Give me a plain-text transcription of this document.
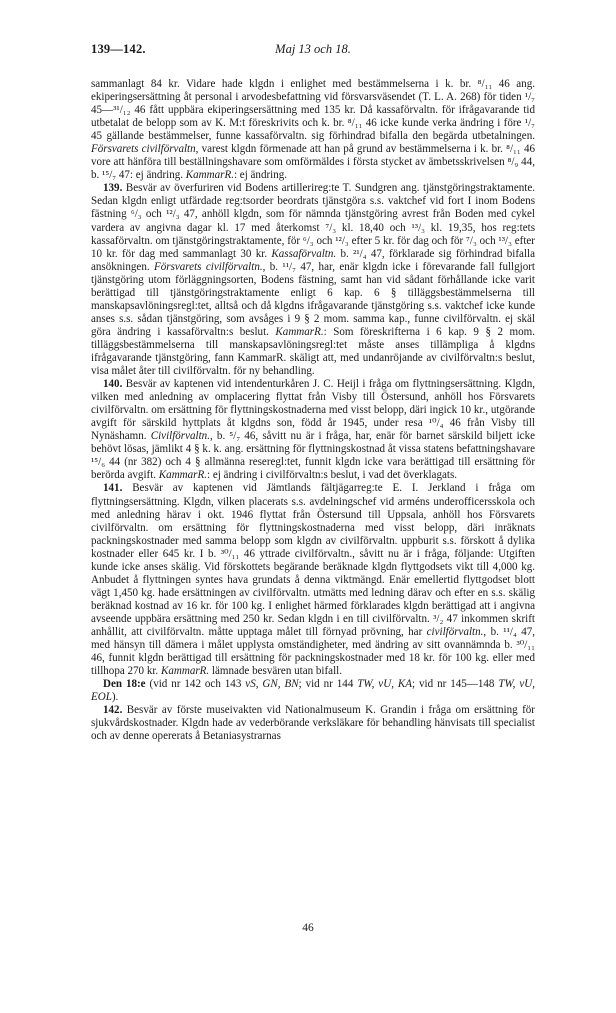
139—142.	Maj 13 och 18.

sammanlagt 84 kr. Vidare hade klgdn i enlighet med bestämmelserna i k. br. ⁸/₁₁ 46 ang. ekiperingsersättning åt personal i arvodesbefattning vid försvarsväsendet (T. L. A. 268) för tiden ¹/₇ 45—³¹/₁₂ 46 fått uppbära ekiperingsersättning med 135 kr. Då kassaförvaltn. för ifrågavarande tid utbetalat de belopp som av K. M:t föreskrivits och k. br. ⁸/₁₁ 46 icke kunde verka ändring i före ¹/₇ 45 gällande bestämmelser, funne kassaförvaltn. sig förhindrad bifalla den begärda utbetalningen. Försvarets civilförvaltn, varest klgdn förmenade att han på grund av bestämmelserna i k. br. ⁸/₁₁ 46 vore att hänföra till beställningshavare som omförmäldes i första stycket av ämbetsskrivelsen ⁸/₉ 44, b. ¹⁵/₇ 47: ej ändring. KammarR.: ej ändring.

139. Besvär av överfuriren vid Bodens artillerireg:te T. Sundgren ang. tjänstgöringstraktamente. Sedan klgdn enligt utfärdade reg:tsorder beordrats tjänstgöra s.s. vaktchef vid fort I inom Bodens fästning ⁶/₃ och ¹²/₃ 47, anhöll klgdn, som för nämnda tjänstgöring avrest från Boden med cykel vardera av angivna dagar kl. 17 med återkomst ⁷/₃ kl. 18,40 och ¹³/₃ kl. 19,35, hos reg:tets kassaförvaltn. om tjänstgöringstraktamente, för ⁶/₃ och ¹²/₃ efter 5 kr. för dag och för ⁷/₃ och ¹³/₃ efter 10 kr. för dag med sammanlagt 30 kr. Kassaförvaltn. b. ²¹/₄ 47, förklarade sig förhindrad bifalla ansökningen. Försvarets civilförvaltn., b. ¹¹/₇ 47, har, enär klgdn icke i förevarande fall fullgjort tjänstgöring utom förläggningsorten, Bodens fästning, samt han vid sådant förhållande icke varit berättigad till tjänstgöringstraktamente enligt 6 kap. 6 § tilläggsbestämmelserna till manskapsavlöningsregl:tet, alltså och då klgdns ifrågavarande tjänstgöring s.s. vaktchef icke kunde anses s.s. sådan tjänstgöring, som avsåges i 9 § 2 mom. samma kap., funne civilförvaltn. ej skäl göra ändring i kassaförvaltn:s beslut. KammarR.: Som föreskrifterna i 6 kap. 9 § 2 mom. tilläggsbestämmelserna till manskapsavlöningsregl:tet måste anses tillämpliga å klgdns ifrågavarande tjänstgöring, fann KammarR. skäligt att, med undanröjande av civilförvaltn:s beslut, visa målet åter till civilförvaltn. för ny behandling.

140. Besvär av kaptenen vid intendenturkåren J. C. Heijl i fråga om flyttningsersättning. Klgdn, vilken med anledning av omplacering flyttat från Visby till Östersund, anhöll hos Försvarets civilförvaltn. om ersättning för flyttningskostnaderna med visst belopp, däri ingick 10 kr., utgörande avgift för särskild hyttplats åt klgdns son, född år 1945, under resa ¹⁰/₄ 46 från Visby till Nynäshamn. Civilförvaltn., b. ⁵/₇ 46, såvitt nu är i fråga, har, enär för barnet särskild biljett icke behövt lösas, jämlikt 4 § k. k. ang. ersättning för flyttningskostnad åt vissa statens befattningshavare ¹⁵/₆ 44 (nr 382) och 4 § allmänna reseregl:tet, funnit klgdn icke vara berättigad till ersättning för berörda avgift. KammarR.: ej ändring i civilförvaltn:s beslut, i vad det överklagats.

141. Besvär av kaptenen vid Jämtlands fältjägarreg:te E. I. Jerkland i fråga om flyttningsersättning. Klgdn, vilken placerats s.s. avdelningschef vid arméns underofficersskola och med anledning härav i okt. 1946 flyttat från Östersund till Uppsala, anhöll hos Försvarets civilförvaltn. om ersättning för flyttningskostnaderna med visst belopp, däri inräknats packningskostnader med samma belopp som klgdn av civilförvaltn. uppburit s.s. förskott å dylika kostnader eller 645 kr. I b. ³⁰/₁₁ 46 yttrade civilförvaltn., såvitt nu är i fråga, följande: Utgiften kunde icke anses skälig. Vid förskottets begärande beräknade klgdn flyttgodsets vikt till 4,000 kg. Anbudet å flyttningen syntes hava grundats å denna viktmängd. Enär emellertid flyttgodset blott vägt 1,450 kg. hade ersättningen av civilförvaltn. utmätts med ledning därav och efter en s.s. skälig beräknad kostnad av 16 kr. för 100 kg. I enlighet härmed förklarades klgdn berättigad att i angivna avseende uppbära ersättning med 250 kr. Sedan klgdn i en till civilförvaltn. ³/₂ 47 inkommen skrift anhållit, att civilförvaltn. måtte upptaga målet till förnyad prövning, har civilförvaltn., b. ¹¹/₄ 47, med hänsyn till dämera i målet upplysta omständigheter, med ändring av sitt ovannämnda b. ³⁰/₁₁ 46, funnit klgdn berättigad till ersättning för packningskostnader med 18 kr. för 100 kg. eller med tillhopa 270 kr. KammarR. lämnade besvären utan bifall.

Den 18:e (vid nr 142 och 143 vS, GN, BN; vid nr 144 TW, vU, KA; vid nr 145—148 TW, vU, EOL).

142. Besvär av förste museivakten vid Nationalmuseum K. Grandin i fråga om ersättning för sjukvårdskostnader. Klgdn hade av vederbörande verksläkare för behandling hänvisats till specialist och av denne opererats å Betaniasystrarnas

46
